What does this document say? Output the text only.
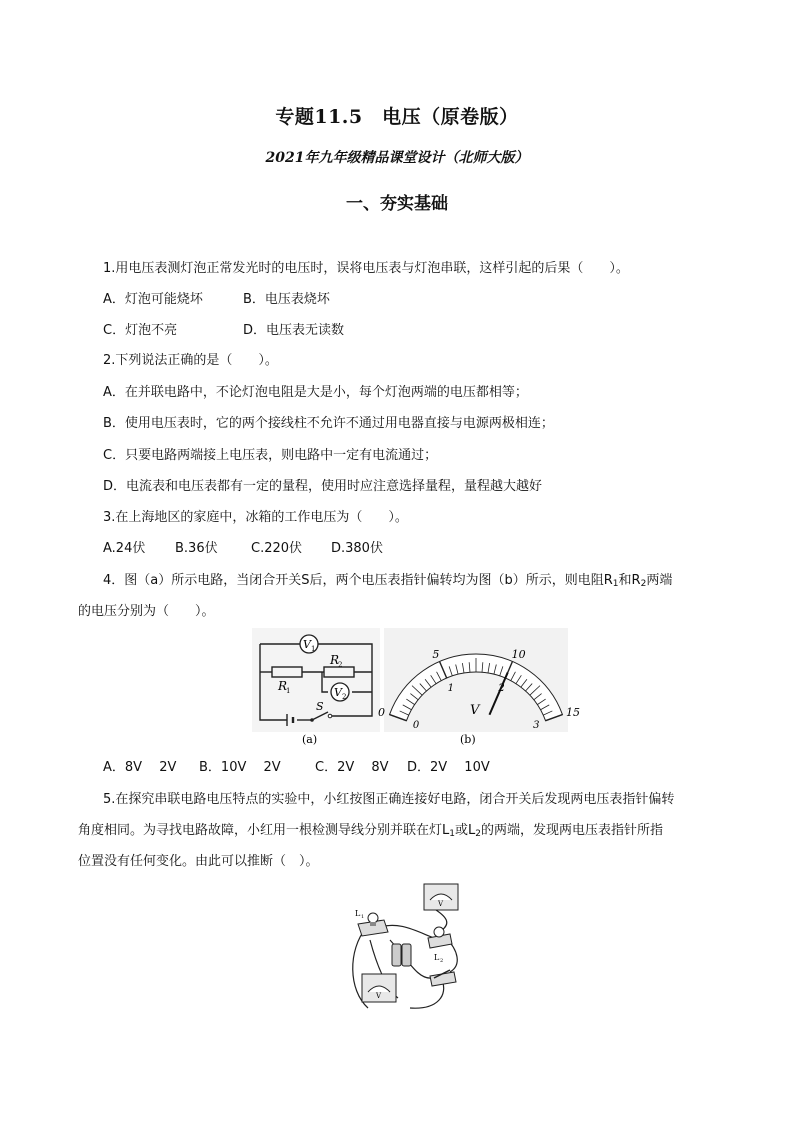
专题11.5　电压（原卷版）
2021年九年级精品课堂设计（北师大版）
一、夯实基础
1.用电压表测灯泡正常发光时的电压时，误将电压表与灯泡串联，这样引起的后果（　　）。
A．灯泡可能烧坏	B．电压表烧坏
C．灯泡不亮	D．电压表无读数
2.下列说法正确的是（　　）。
A．在并联电路中，不论灯泡电阻是大是小，每个灯泡两端的电压都相等；
B．使用电压表时，它的两个接线柱不允许不通过用电器直接与电源两极相连；
C．只要电路两端接上电压表，则电路中一定有电流通过；
D．电流表和电压表都有一定的量程，使用时应注意选择量程，量程越大越好
3.在上海地区的家庭中，冰箱的工作电压为（　　）。
A.24伏 B.36伏	C.220伏 D.380伏
4．图（a）所示电路，当闭合开关S后，两个电压表指针偏转均为图（b）所示，则电阻$R_1$和$R_2$两端
的电压分别为（　　）。
V 1
V 2
R
1
R
2
S
(a)
V
(b)
0
5	10
15
0
1	2
3
A．8V　 2V B．10V　 2V	C．2V　 8V D．2V　 10V
5.在探究串联电路电压特点的实验中，小红按图正确连接好电路，闭合开关后发现两电压表指针偏转
角度相同。为寻找电路故障，小红用一根检测导线分别并联在灯$L_1$或$L_2$的两端，发现两电压表指针所指
位置没有任何变化。由此可以推断（　）。
L 1
V
L 2
V
